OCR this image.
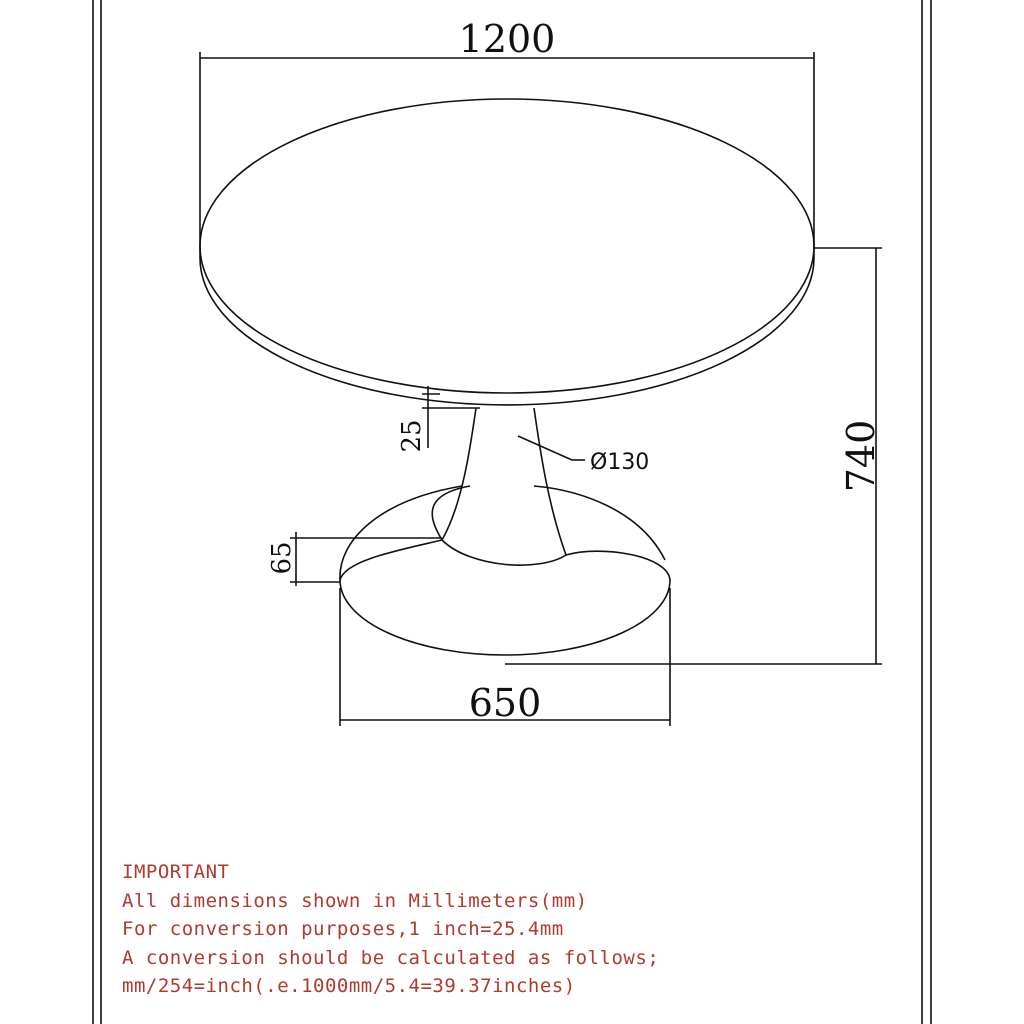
1200
740
25
65
650
Ø130
IMPORTANT
All dimensions shown in Millimeters(mm)
For conversion purposes,1 inch=25.4mm
A conversion should be calculated as follows;
mm/254=inch(.e.1000mm/5.4=39.37inches)
